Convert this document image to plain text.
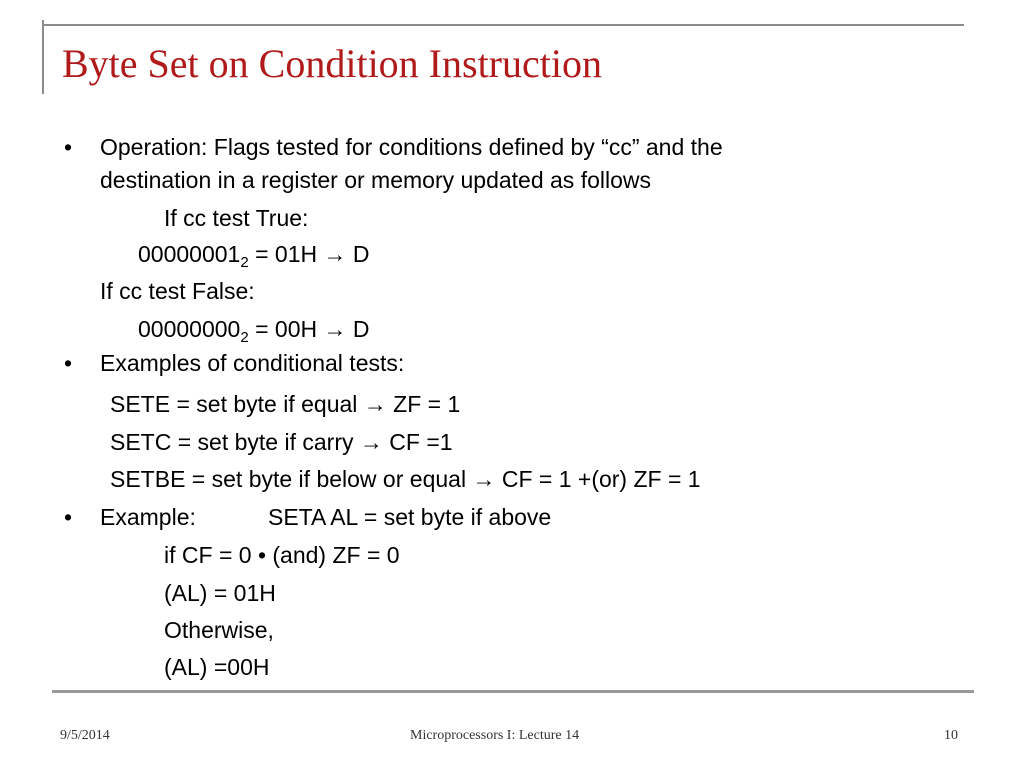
Byte Set on Condition Instruction
• Operation: Flags tested for conditions defined by “cc” and the
destination in a register or memory updated as follows
If cc test True:
$00000001_2 = 01H \to D$
If cc test False:
$00000000_2 = 00H \to D$
• Examples of conditional tests:
SETE = set byte if equal → ZF = 1
SETC = set byte if carry → CF =1
SETBE = set byte if below or equal → CF = 1 +(or) ZF = 1
• Example:	SETA AL = set byte if above
if CF = 0 • (and) ZF = 0
(AL) = 01H
Otherwise,
(AL) =00H
9/5/2014	Microprocessors I: Lecture 14	10
